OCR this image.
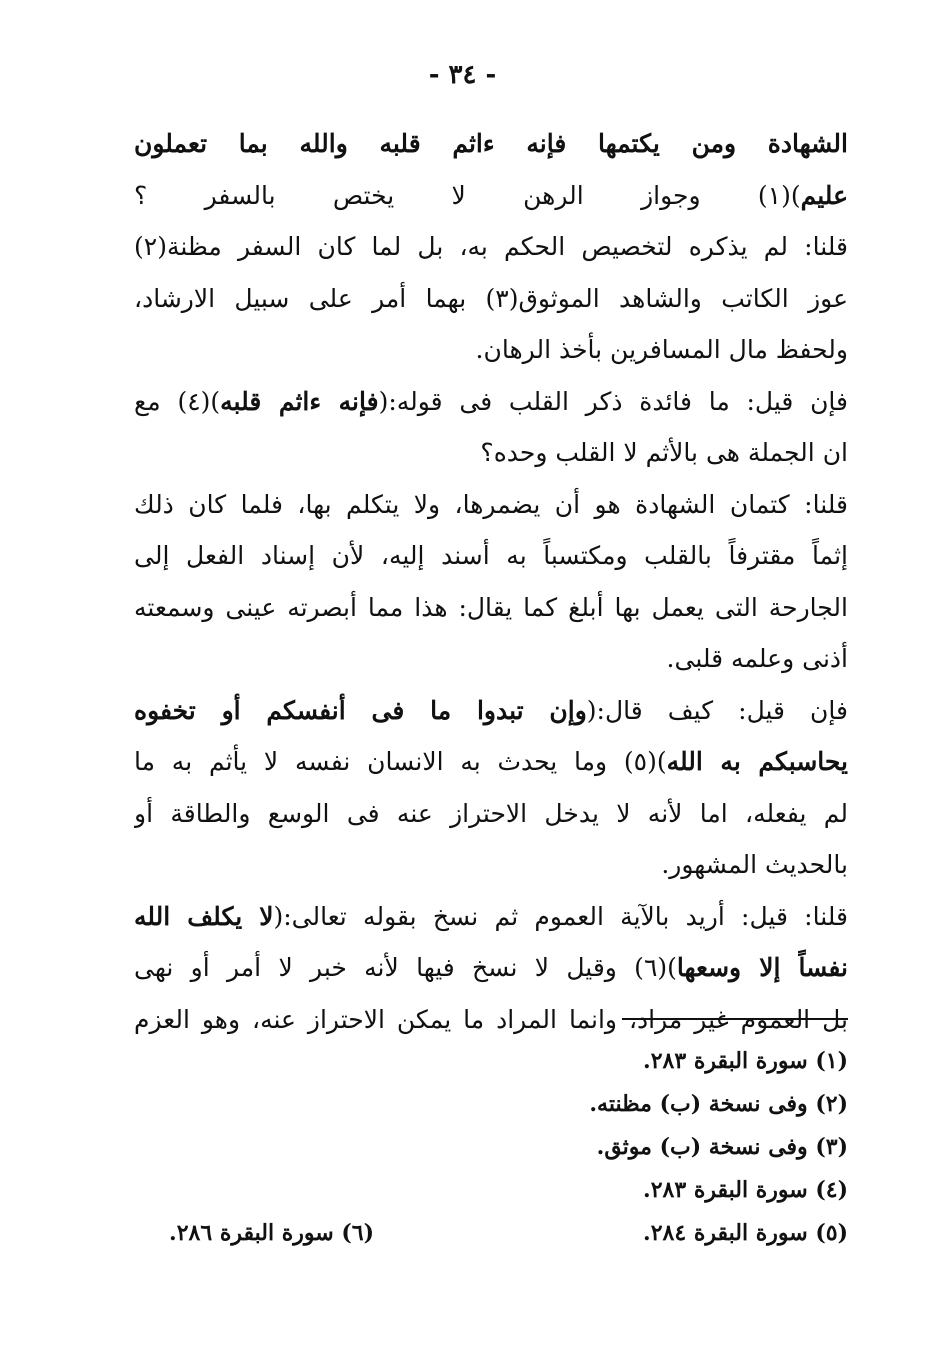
- ٣٤ -
الشهادة ومن يكتمها فإنه ءاثم قلبه والله بما تعملون
عليم)(١) وجواز الرهن لا يختص بالسفر ؟
قلنا: لم يذكره لتخصيص الحكم به، بل لما كان السفر مظنة(٢)
عوز الكاتب والشاهد الموثوق(٣) بهما أمر على سبيل الارشاد،
ولحفظ مال المسافرين بأخذ الرهان.
فإن قيل: ما فائدة ذكر القلب فى قوله:(فإنه ءاثم قلبه)(٤) مع
ان الجملة هى بالأثم لا القلب وحده؟
قلنا: كتمان الشهادة هو أن يضمرها، ولا يتكلم بها، فلما كان ذلك
إثماً مقترفاً بالقلب ومكتسباً به أسند إليه، لأن إسناد الفعل إلى
الجارحة التى يعمل بها أبلغ كما يقال: هذا مما أبصرته عينى وسمعته
أذنى وعلمه قلبى.
فإن قيل: كيف قال:(وإن تبدوا ما فى أنفسكم أو تخفوه
يحاسبكم به الله)(٥) وما يحدث به الانسان نفسه لا يأثم به ما
لم يفعله، اما لأنه لا يدخل الاحتراز عنه فى الوسع والطاقة أو
بالحديث المشهور.
قلنا: قيل: أريد بالآية العموم ثم نسخ بقوله تعالى:(لا يكلف الله
نفساً إلا وسعها)(٦) وقيل لا نسخ فيها لأنه خبر لا أمر أو نهى
بل العموم غير مراد، وانما المراد ما يمكن الاحتراز عنه، وهو العزم
(١) سورة البقرة ٢٨٣.
(٢) وفى نسخة (ب) مظنته.
(٣) وفى نسخة (ب) موثق.
(٤) سورة البقرة ٢٨٣.
(٥) سورة البقرة ٢٨٤.
(٦) سورة البقرة ٢٨٦.
